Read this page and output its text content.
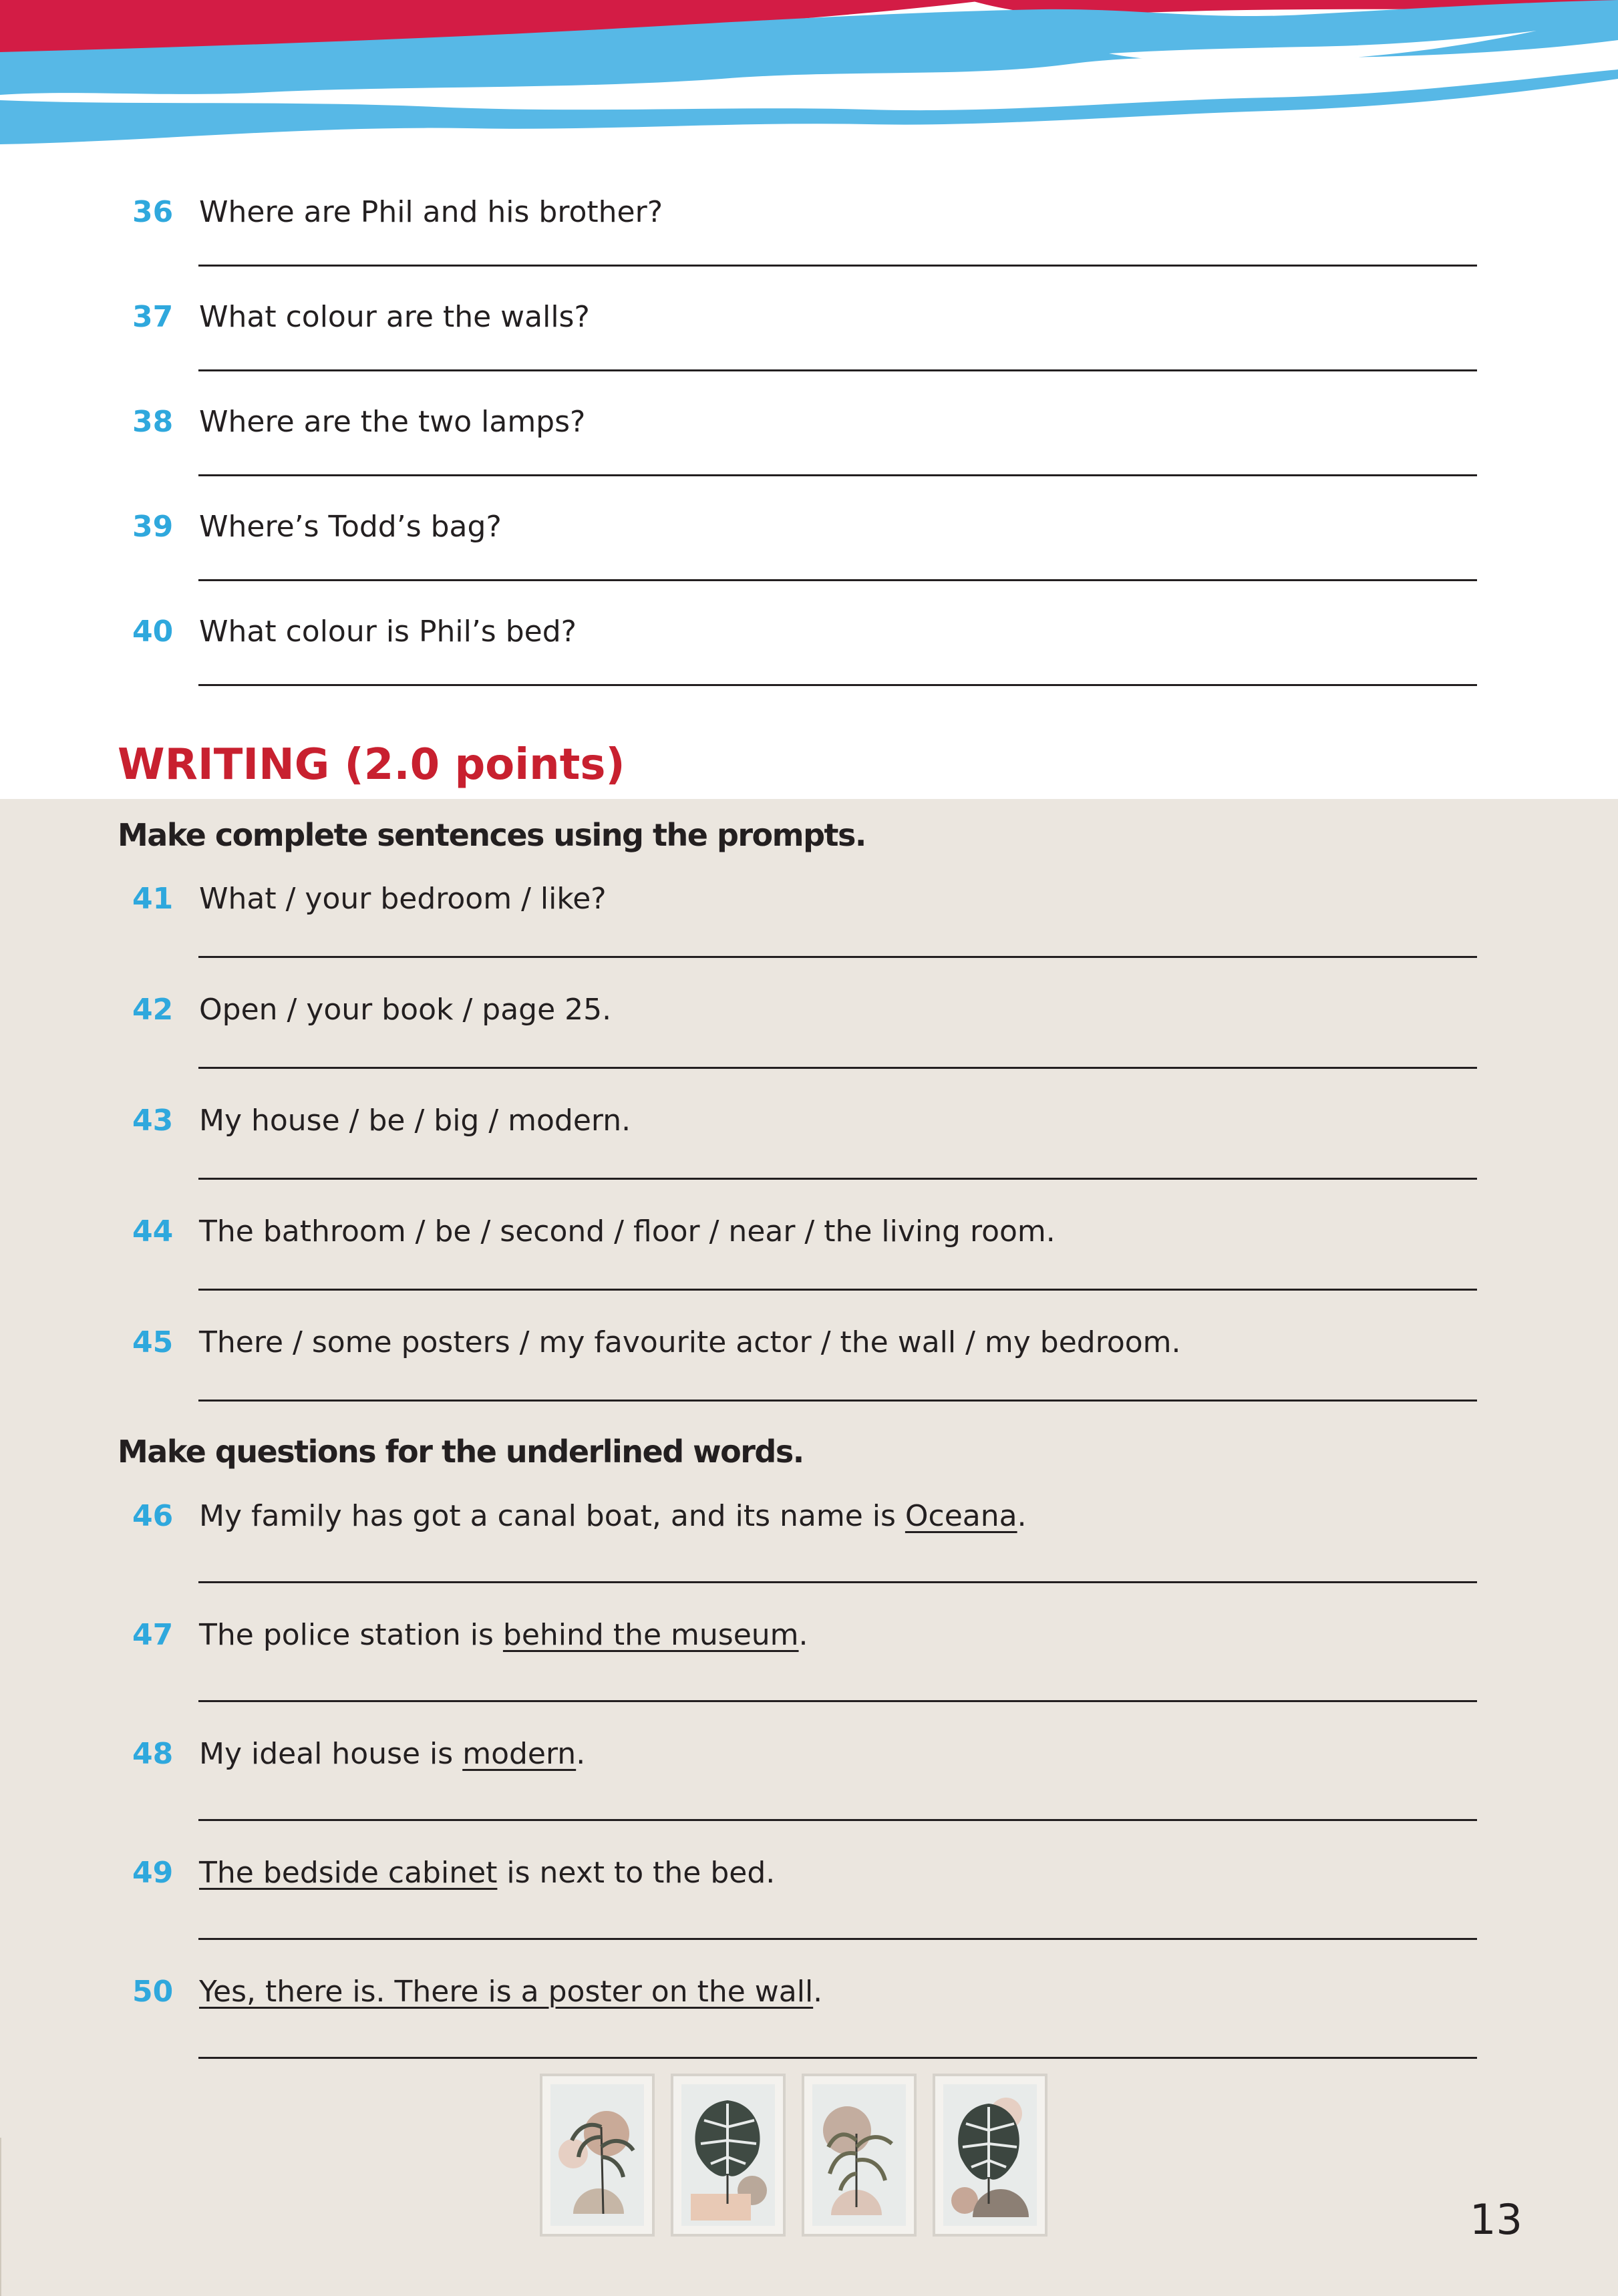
36 Where are Phil and his brother?
37 What colour are the walls?
38 Where are the two lamps?
39 Where’s Todd’s bag?
40 What colour is Phil’s bed?
WRITING (2.0 points)
Make complete sentences using the prompts.
41 What / your bedroom / like?
42 Open / your book / page 25.
43 My house / be / big / modern.
44 The bathroom / be / second / floor / near / the living room.
45 There / some posters / my favourite actor / the wall / my bedroom.
Make questions for the underlined words.
46 My family has got a canal boat, and its name is Oceana.
47 The police station is behind the museum.
48 My ideal house is modern.
49 The bedside cabinet is next to the bed.
50 Yes, there is. There is a poster on the wall.
13
